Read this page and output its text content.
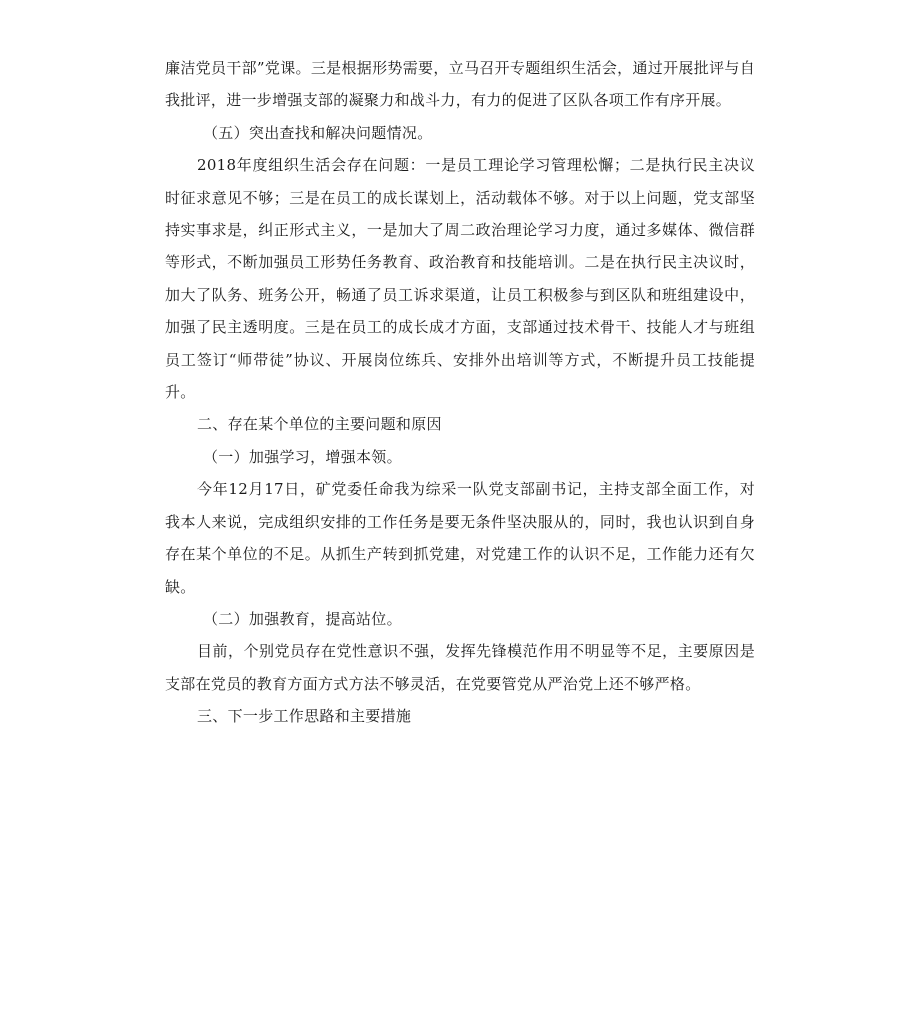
廉洁党员干部”党课。三是根据形势需要，立马召开专题组织生活会，通过开展批评与自我批评，进一步增强支部的凝聚力和战斗力，有力的促进了区队各项工作有序开展。

（五）突出查找和解决问题情况。

2018年度组织生活会存在问题：一是员工理论学习管理松懈；二是执行民主决议时征求意见不够；三是在员工的成长谋划上，活动载体不够。对于以上问题，党支部坚持实事求是，纠正形式主义，一是加大了周二政治理论学习力度，通过多媒体、微信群等形式，不断加强员工形势任务教育、政治教育和技能培训。二是在执行民主决议时，加大了队务、班务公开，畅通了员工诉求渠道，让员工积极参与到区队和班组建设中，加强了民主透明度。三是在员工的成长成才方面，支部通过技术骨干、技能人才与班组员工签订“师带徒”协议、开展岗位练兵、安排外出培训等方式，不断提升员工技能提升。

二、存在某个单位的主要问题和原因

（一）加强学习，增强本领。

今年12月17日，矿党委任命我为综采一队党支部副书记，主持支部全面工作，对我本人来说，完成组织安排的工作任务是要无条件坚决服从的，同时，我也认识到自身存在某个单位的不足。从抓生产转到抓党建，对党建工作的认识不足，工作能力还有欠缺。

（二）加强教育，提高站位。

目前，个别党员存在党性意识不强，发挥先锋模范作用不明显等不足，主要原因是支部在党员的教育方面方式方法不够灵活，在党要管党从严治党上还不够严格。

三、下一步工作思路和主要措施
